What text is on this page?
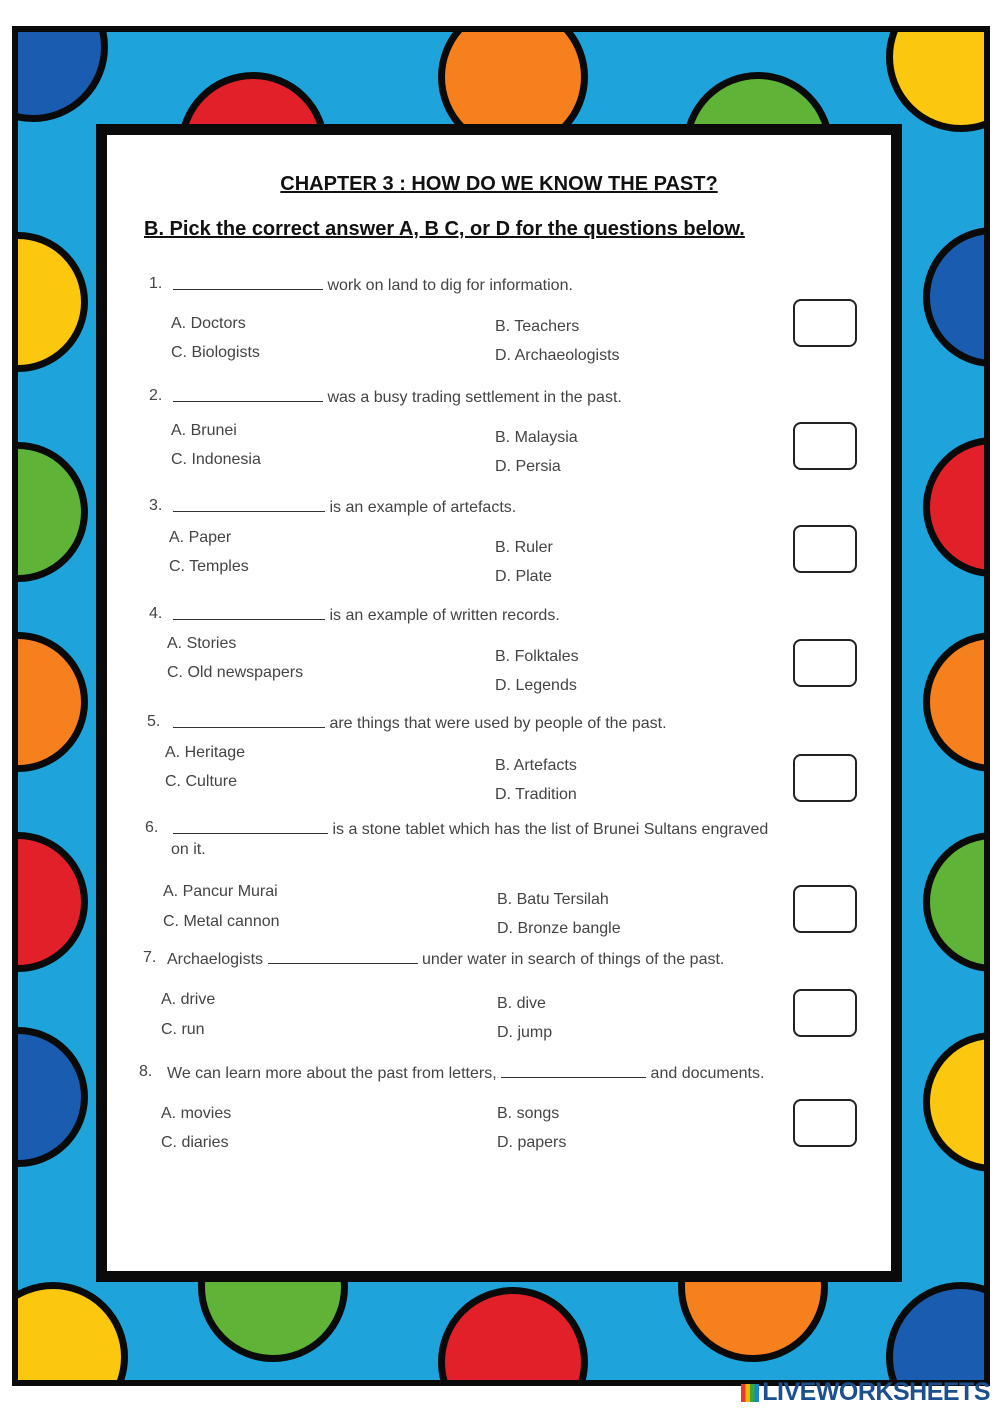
CHAPTER 3 : HOW DO WE KNOW THE PAST?
B. Pick the correct answer A, B C, or D for the questions below.
1.	work on land to dig for information.
A. Doctors	B. Teachers
C. Biologists	D. Archaeologists
2.	was a busy trading settlement in the past.
A. Brunei	B. Malaysia
C. Indonesia	D. Persia
3.	is an example of artefacts.
A. Paper
B. Ruler
C. Temples
D. Plate
4.	is an example of written records.
A. Stories
B. Folktales
C. Old newspapers
D. Legends
5.	are things that were used by people of the past.
A. Heritage
B. Artefacts
C. Culture
D. Tradition
6.	is a stone tablet which has the list of Brunei Sultans engraved
on it.
A. Pancur Murai	B. Batu Tersilah
C. Metal cannon	D. Bronze bangle
7. Archaelogists	under water in search of things of the past.
A. drive	B. dive
C. run	D. jump
8. We can learn more about the past from letters,	and documents.
A. movies	B. songs
C. diaries	D. papers
LIVEWORKSHEETS
